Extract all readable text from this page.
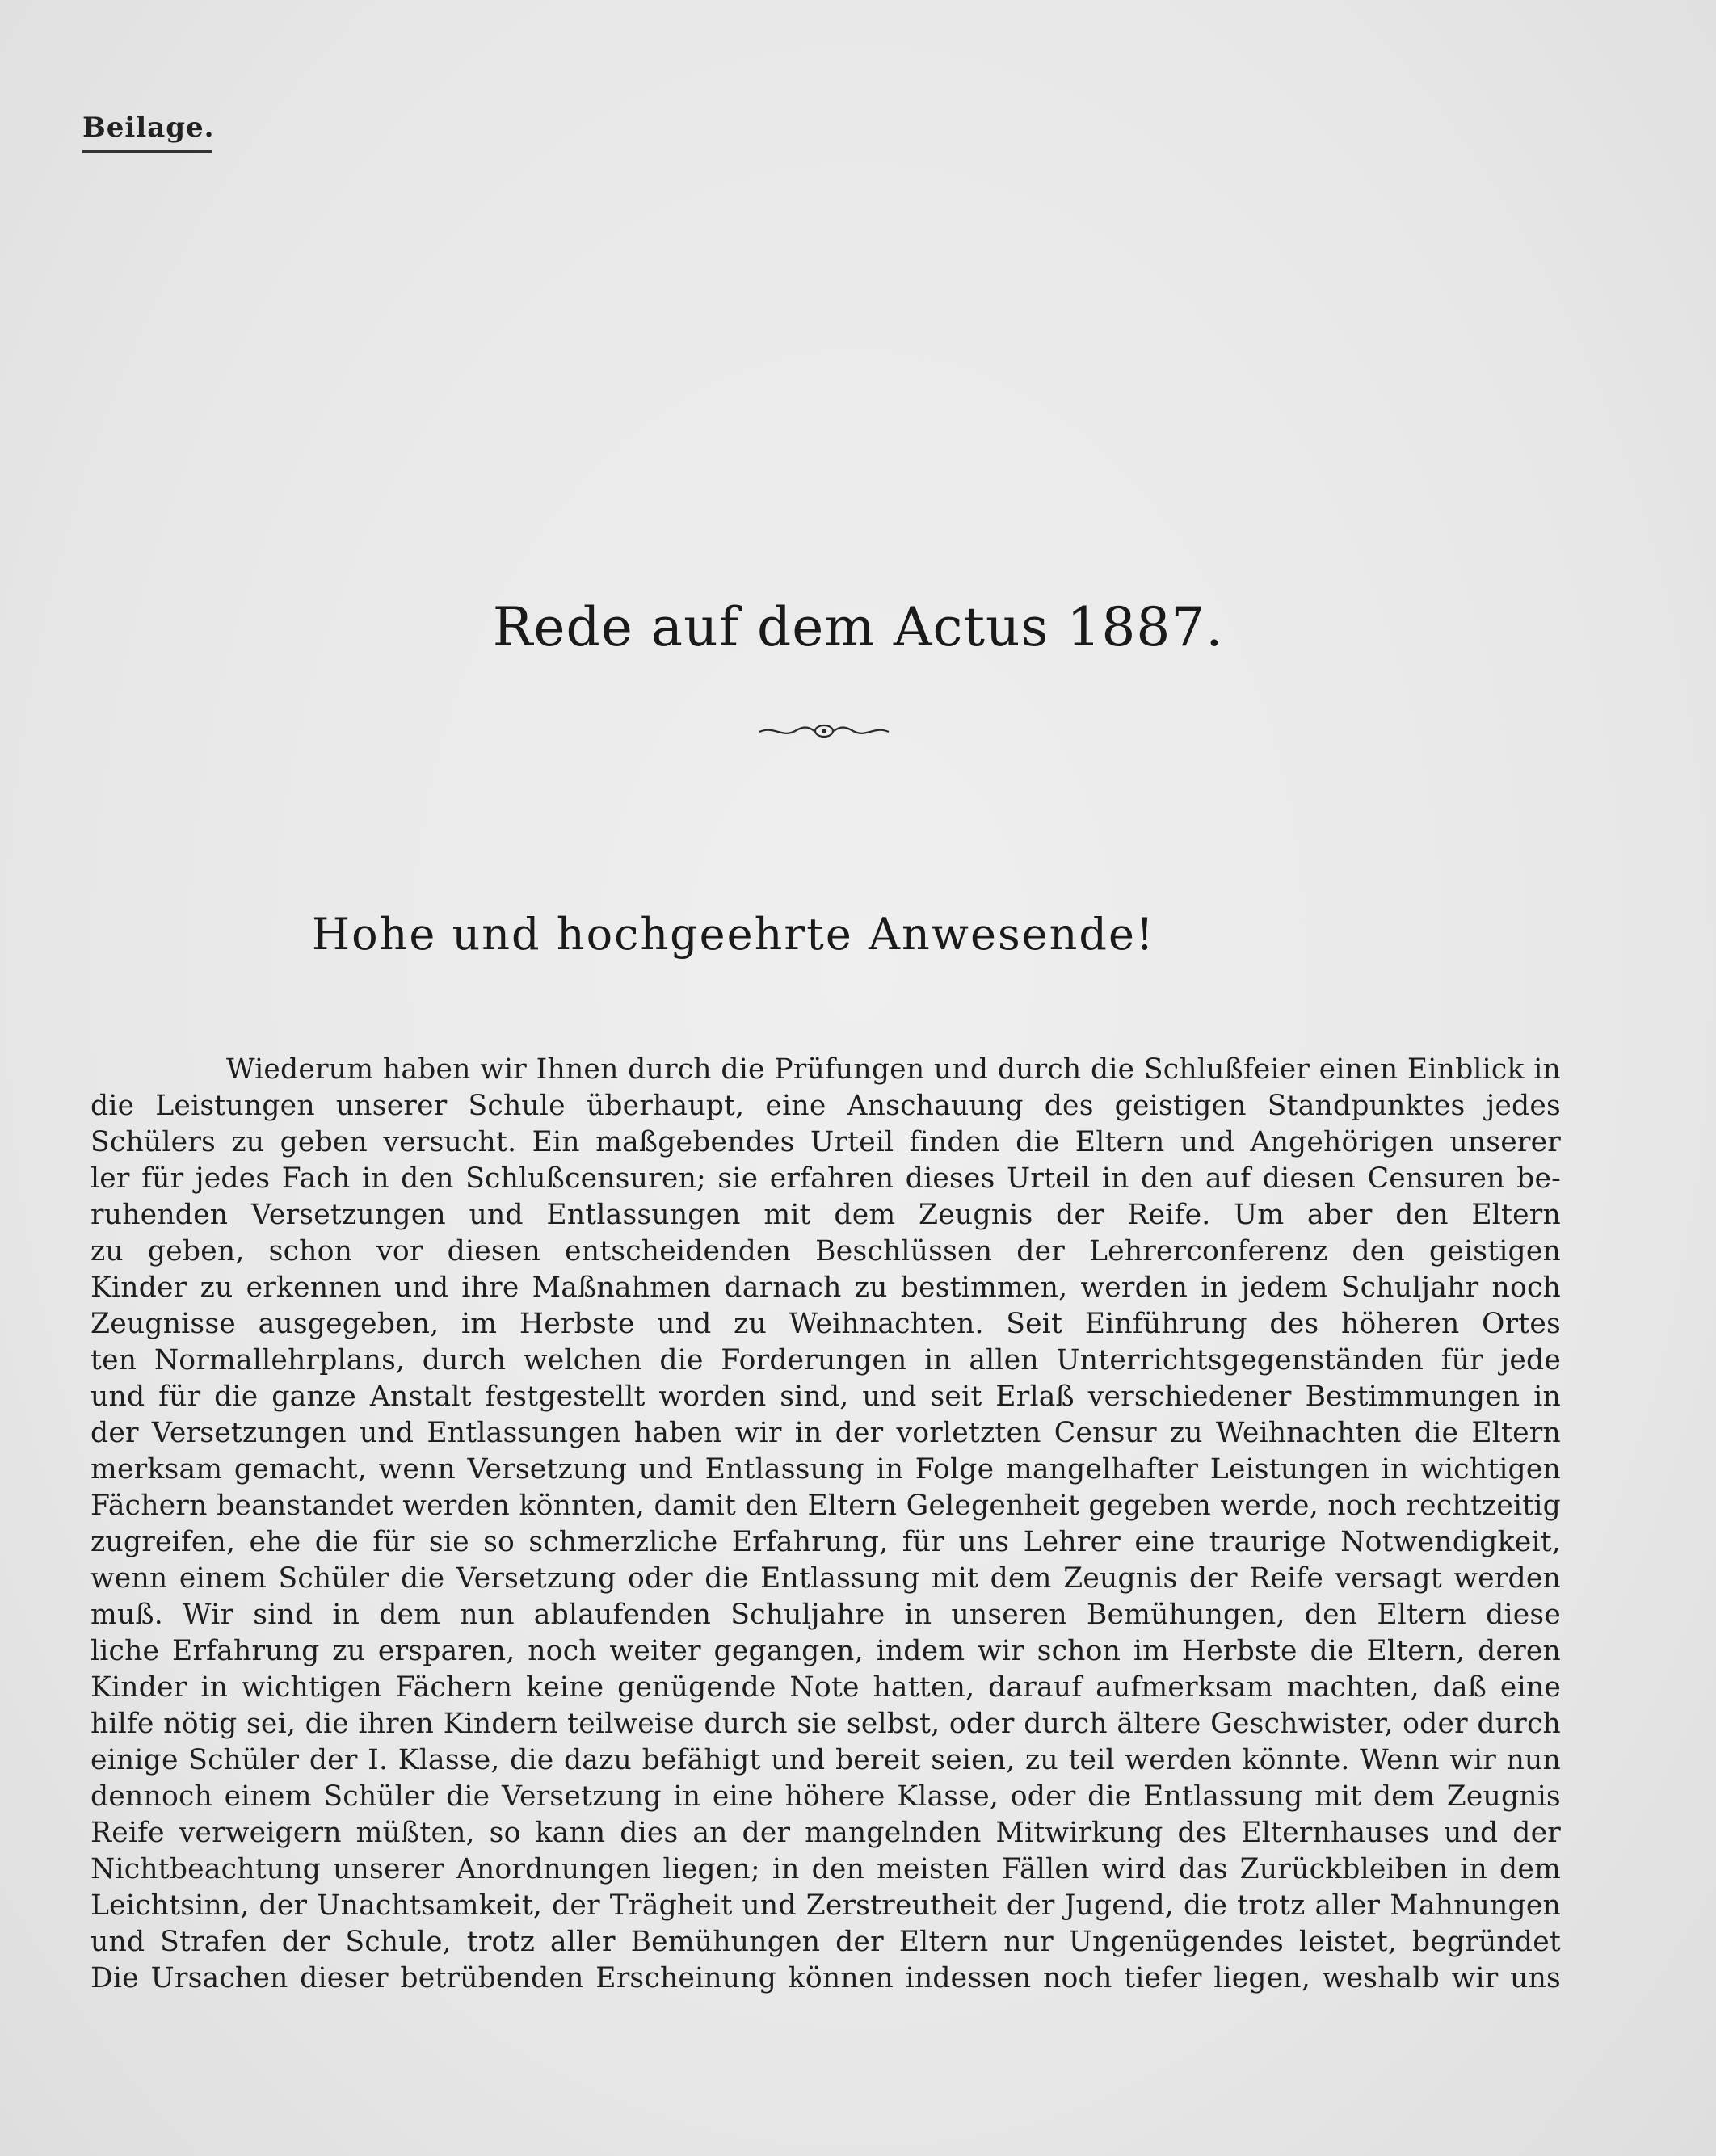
Beilage.
Rede auf dem Actus 1887.
Hohe und hochgeehrte Anwesende!
Wiederum haben wir Ihnen durch die Prüfungen und durch die Schlußfeier einen Einblick in
die Leistungen unserer Schule überhaupt, eine Anschauung des geistigen Standpunktes jedes
Schülers zu geben versucht. Ein maßgebendes Urteil finden die Eltern und Angehörigen unserer
ler für jedes Fach in den Schlußcensuren; sie erfahren dieses Urteil in den auf diesen Censuren be-
ruhenden Versetzungen und Entlassungen mit dem Zeugnis der Reife. Um aber den Eltern
zu geben, schon vor diesen entscheidenden Beschlüssen der Lehrerconferenz den geistigen
Kinder zu erkennen und ihre Maßnahmen darnach zu bestimmen, werden in jedem Schuljahr noch
Zeugnisse ausgegeben, im Herbste und zu Weihnachten. Seit Einführung des höheren Ortes
ten Normallehrplans, durch welchen die Forderungen in allen Unterrichtsgegenständen für jede
und für die ganze Anstalt festgestellt worden sind, und seit Erlaß verschiedener Bestimmungen in
der Versetzungen und Entlassungen haben wir in der vorletzten Censur zu Weihnachten die Eltern
merksam gemacht, wenn Versetzung und Entlassung in Folge mangelhafter Leistungen in wichtigen
Fächern beanstandet werden könnten, damit den Eltern Gelegenheit gegeben werde, noch rechtzeitig
zugreifen, ehe die für sie so schmerzliche Erfahrung, für uns Lehrer eine traurige Notwendigkeit,
wenn einem Schüler die Versetzung oder die Entlassung mit dem Zeugnis der Reife versagt werden
muß. Wir sind in dem nun ablaufenden Schuljahre in unseren Bemühungen, den Eltern diese
liche Erfahrung zu ersparen, noch weiter gegangen, indem wir schon im Herbste die Eltern, deren
Kinder in wichtigen Fächern keine genügende Note hatten, darauf aufmerksam machten, daß eine
hilfe nötig sei, die ihren Kindern teilweise durch sie selbst, oder durch ältere Geschwister, oder durch
einige Schüler der I. Klasse, die dazu befähigt und bereit seien, zu teil werden könnte. Wenn wir nun
dennoch einem Schüler die Versetzung in eine höhere Klasse, oder die Entlassung mit dem Zeugnis
Reife verweigern müßten, so kann dies an der mangelnden Mitwirkung des Elternhauses und der
Nichtbeachtung unserer Anordnungen liegen; in den meisten Fällen wird das Zurückbleiben in dem
Leichtsinn, der Unachtsamkeit, der Trägheit und Zerstreutheit der Jugend, die trotz aller Mahnungen
und Strafen der Schule, trotz aller Bemühungen der Eltern nur Ungenügendes leistet, begründet
Die Ursachen dieser betrübenden Erscheinung können indessen noch tiefer liegen, weshalb wir uns
